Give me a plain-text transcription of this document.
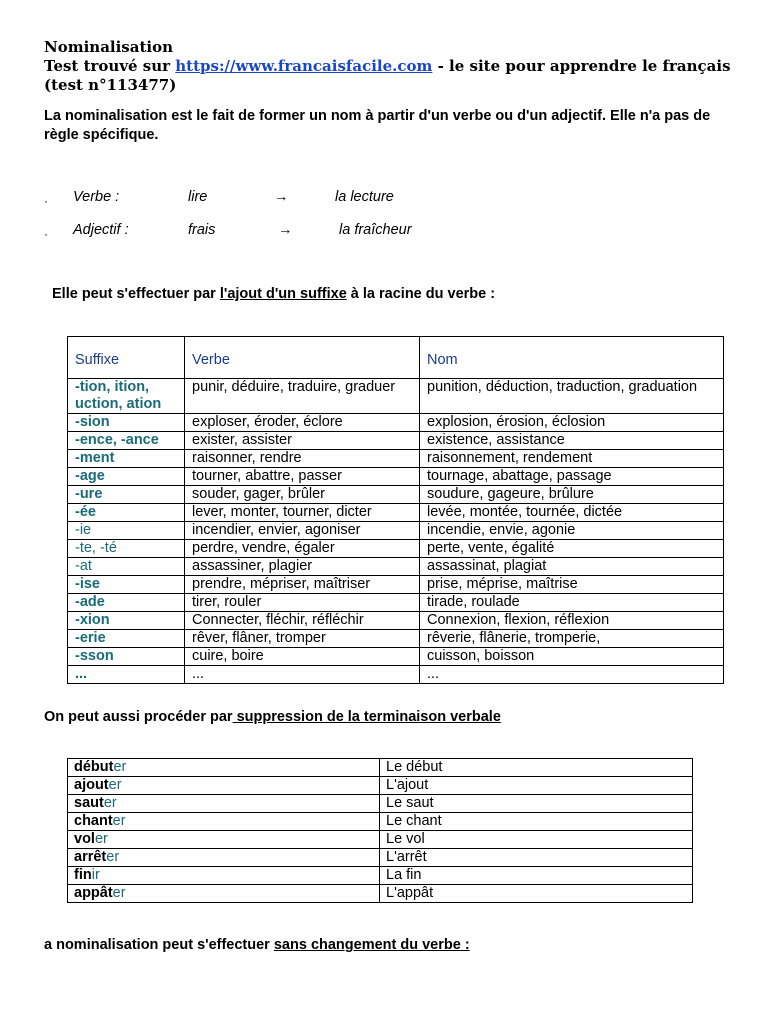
Nominalisation
Test trouvé sur https://www.francaisfacile.com - le site pour apprendre le français (test n°113477)
La nominalisation est le fait de former un nom à partir d'un verbe ou d'un adjectif. Elle n'a pas de règle spécifique.
· Verbe :	lire	→	la lecture
· Adjectif :	frais	→	la fraîcheur
Elle peut s'effectuer par l'ajout d'un suffixe à la racine du verbe :
Suffixe	Verbe	Nom
-tion, ition, uction, ation	punir, déduire, traduire, graduer	punition, déduction, traduction, graduation
-sion	exploser, éroder, éclore	explosion, érosion, éclosion
-ence, -ance	exister, assister	existence, assistance
-ment	raisonner, rendre	raisonnement, rendement
-age	tourner, abattre, passer	tournage, abattage, passage
-ure	souder, gager, brûler	soudure, gageure, brûlure
-ée	lever, monter, tourner, dicter	levée, montée, tournée, dictée
-ie	incendier, envier, agoniser	incendie, envie, agonie
-te, -té	perdre, vendre, égaler	perte, vente, égalité
-at	assassiner, plagier	assassinat, plagiat
-ise	prendre, mépriser, maîtriser	prise, méprise, maîtrise
-ade	tirer, rouler	tirade, roulade
-xion	Connecter, fléchir, réfléchir	Connexion, flexion, réflexion
-erie	rêver, flâner, tromper	rêverie, flânerie, tromperie,
-sson	cuire, boire	cuisson, boisson
...	...	...
On peut aussi procéder par suppression de la terminaison verbale
débuter	Le début
ajouter	L'ajout
sauter	Le saut
chanter	Le chant
voler	Le vol
arrêter	L'arrêt
finir	La fin
appâter	L'appât
a nominalisation peut s'effectuer sans changement du verbe :
